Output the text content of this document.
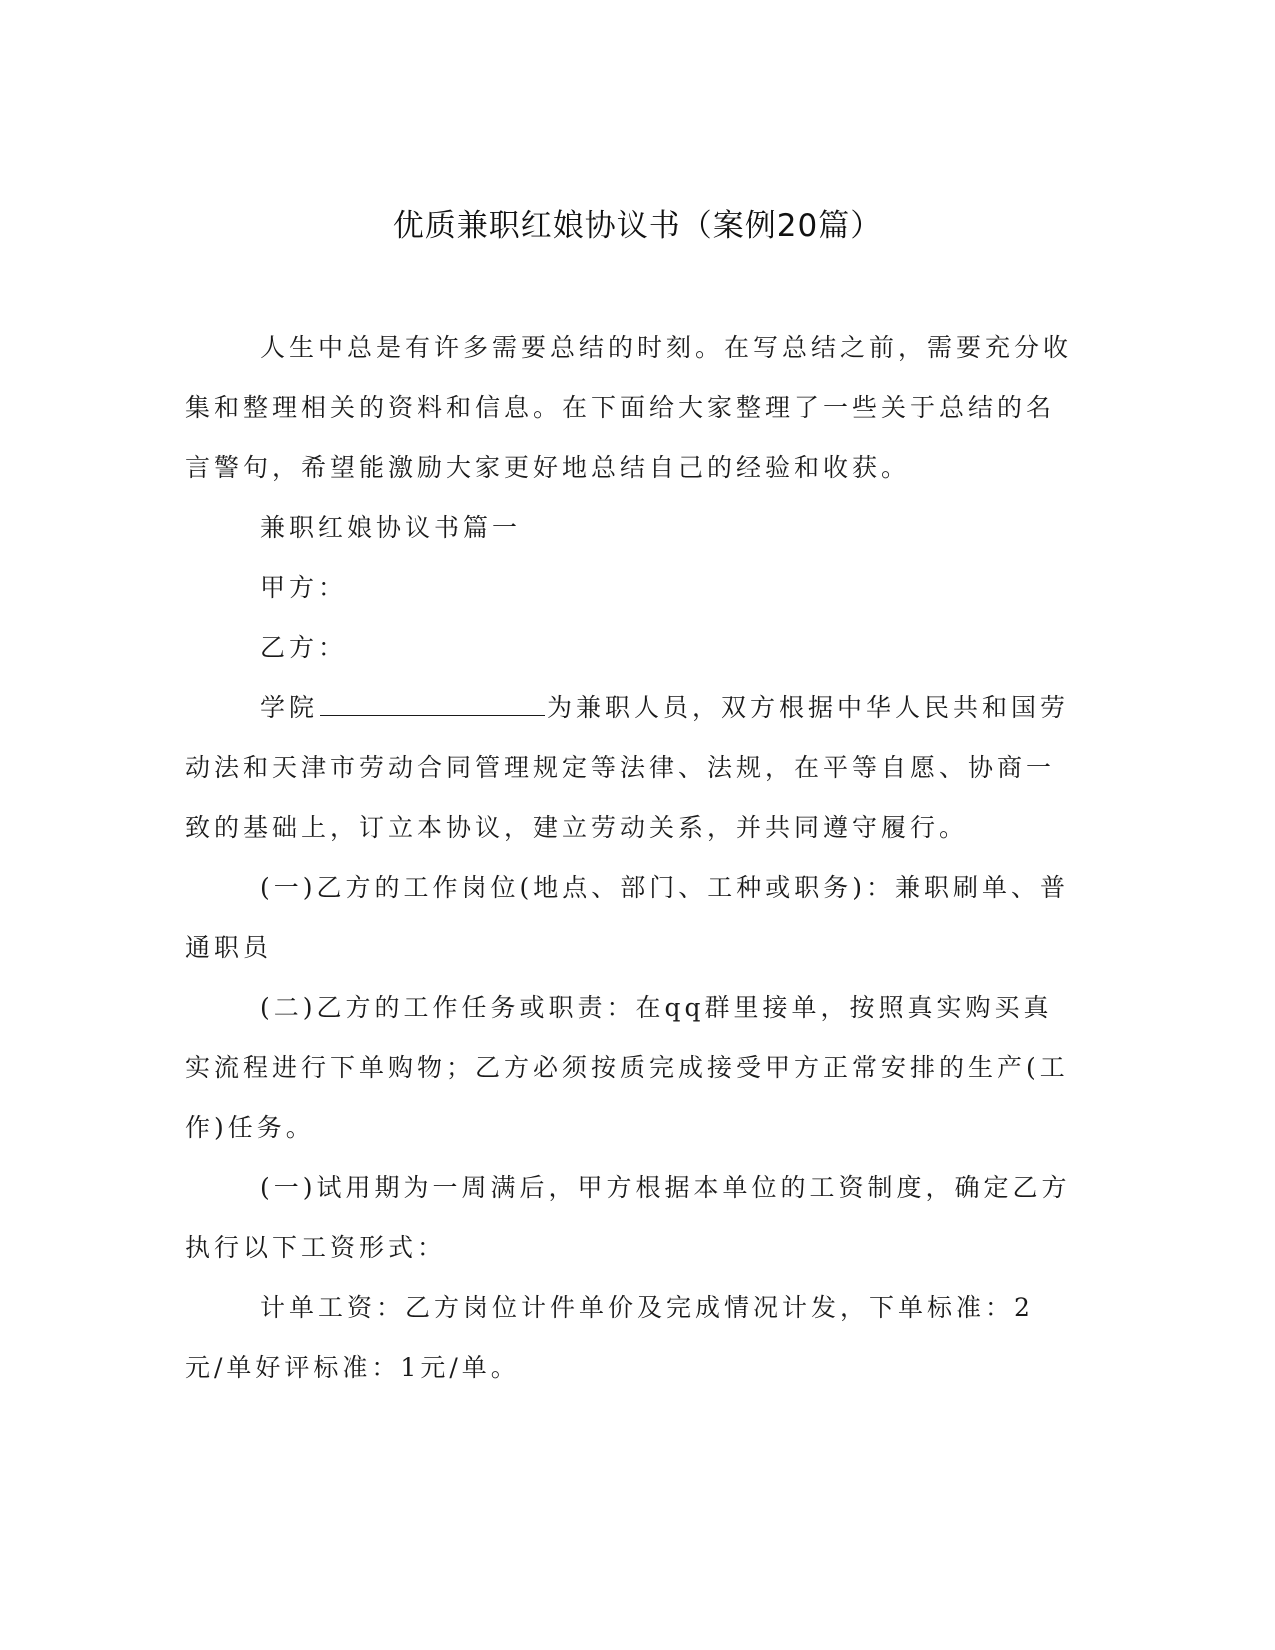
优质兼职红娘协议书（案例20篇）

人生中总是有许多需要总结的时刻。在写总结之前，需要充分收集和整理相关的资料和信息。在下面给大家整理了一些关于总结的名言警句，希望能激励大家更好地总结自己的经验和收获。

兼职红娘协议书篇一

甲方：

乙方：

学院	为兼职人员，双方根据中华人民共和国劳动法和天津市劳动合同管理规定等法律、法规，在平等自愿、协商一致的基础上，订立本协议，建立劳动关系，并共同遵守履行。

(一)乙方的工作岗位(地点、部门、工种或职务)：兼职刷单、普通职员

(二)乙方的工作任务或职责：在qq群里接单，按照真实购买真实流程进行下单购物；乙方必须按质完成接受甲方正常安排的生产(工作)任务。

(一)试用期为一周满后，甲方根据本单位的工资制度，确定乙方执行以下工资形式：

计单工资：乙方岗位计件单价及完成情况计发，下单标准：2元/单好评标准：1元/单。
